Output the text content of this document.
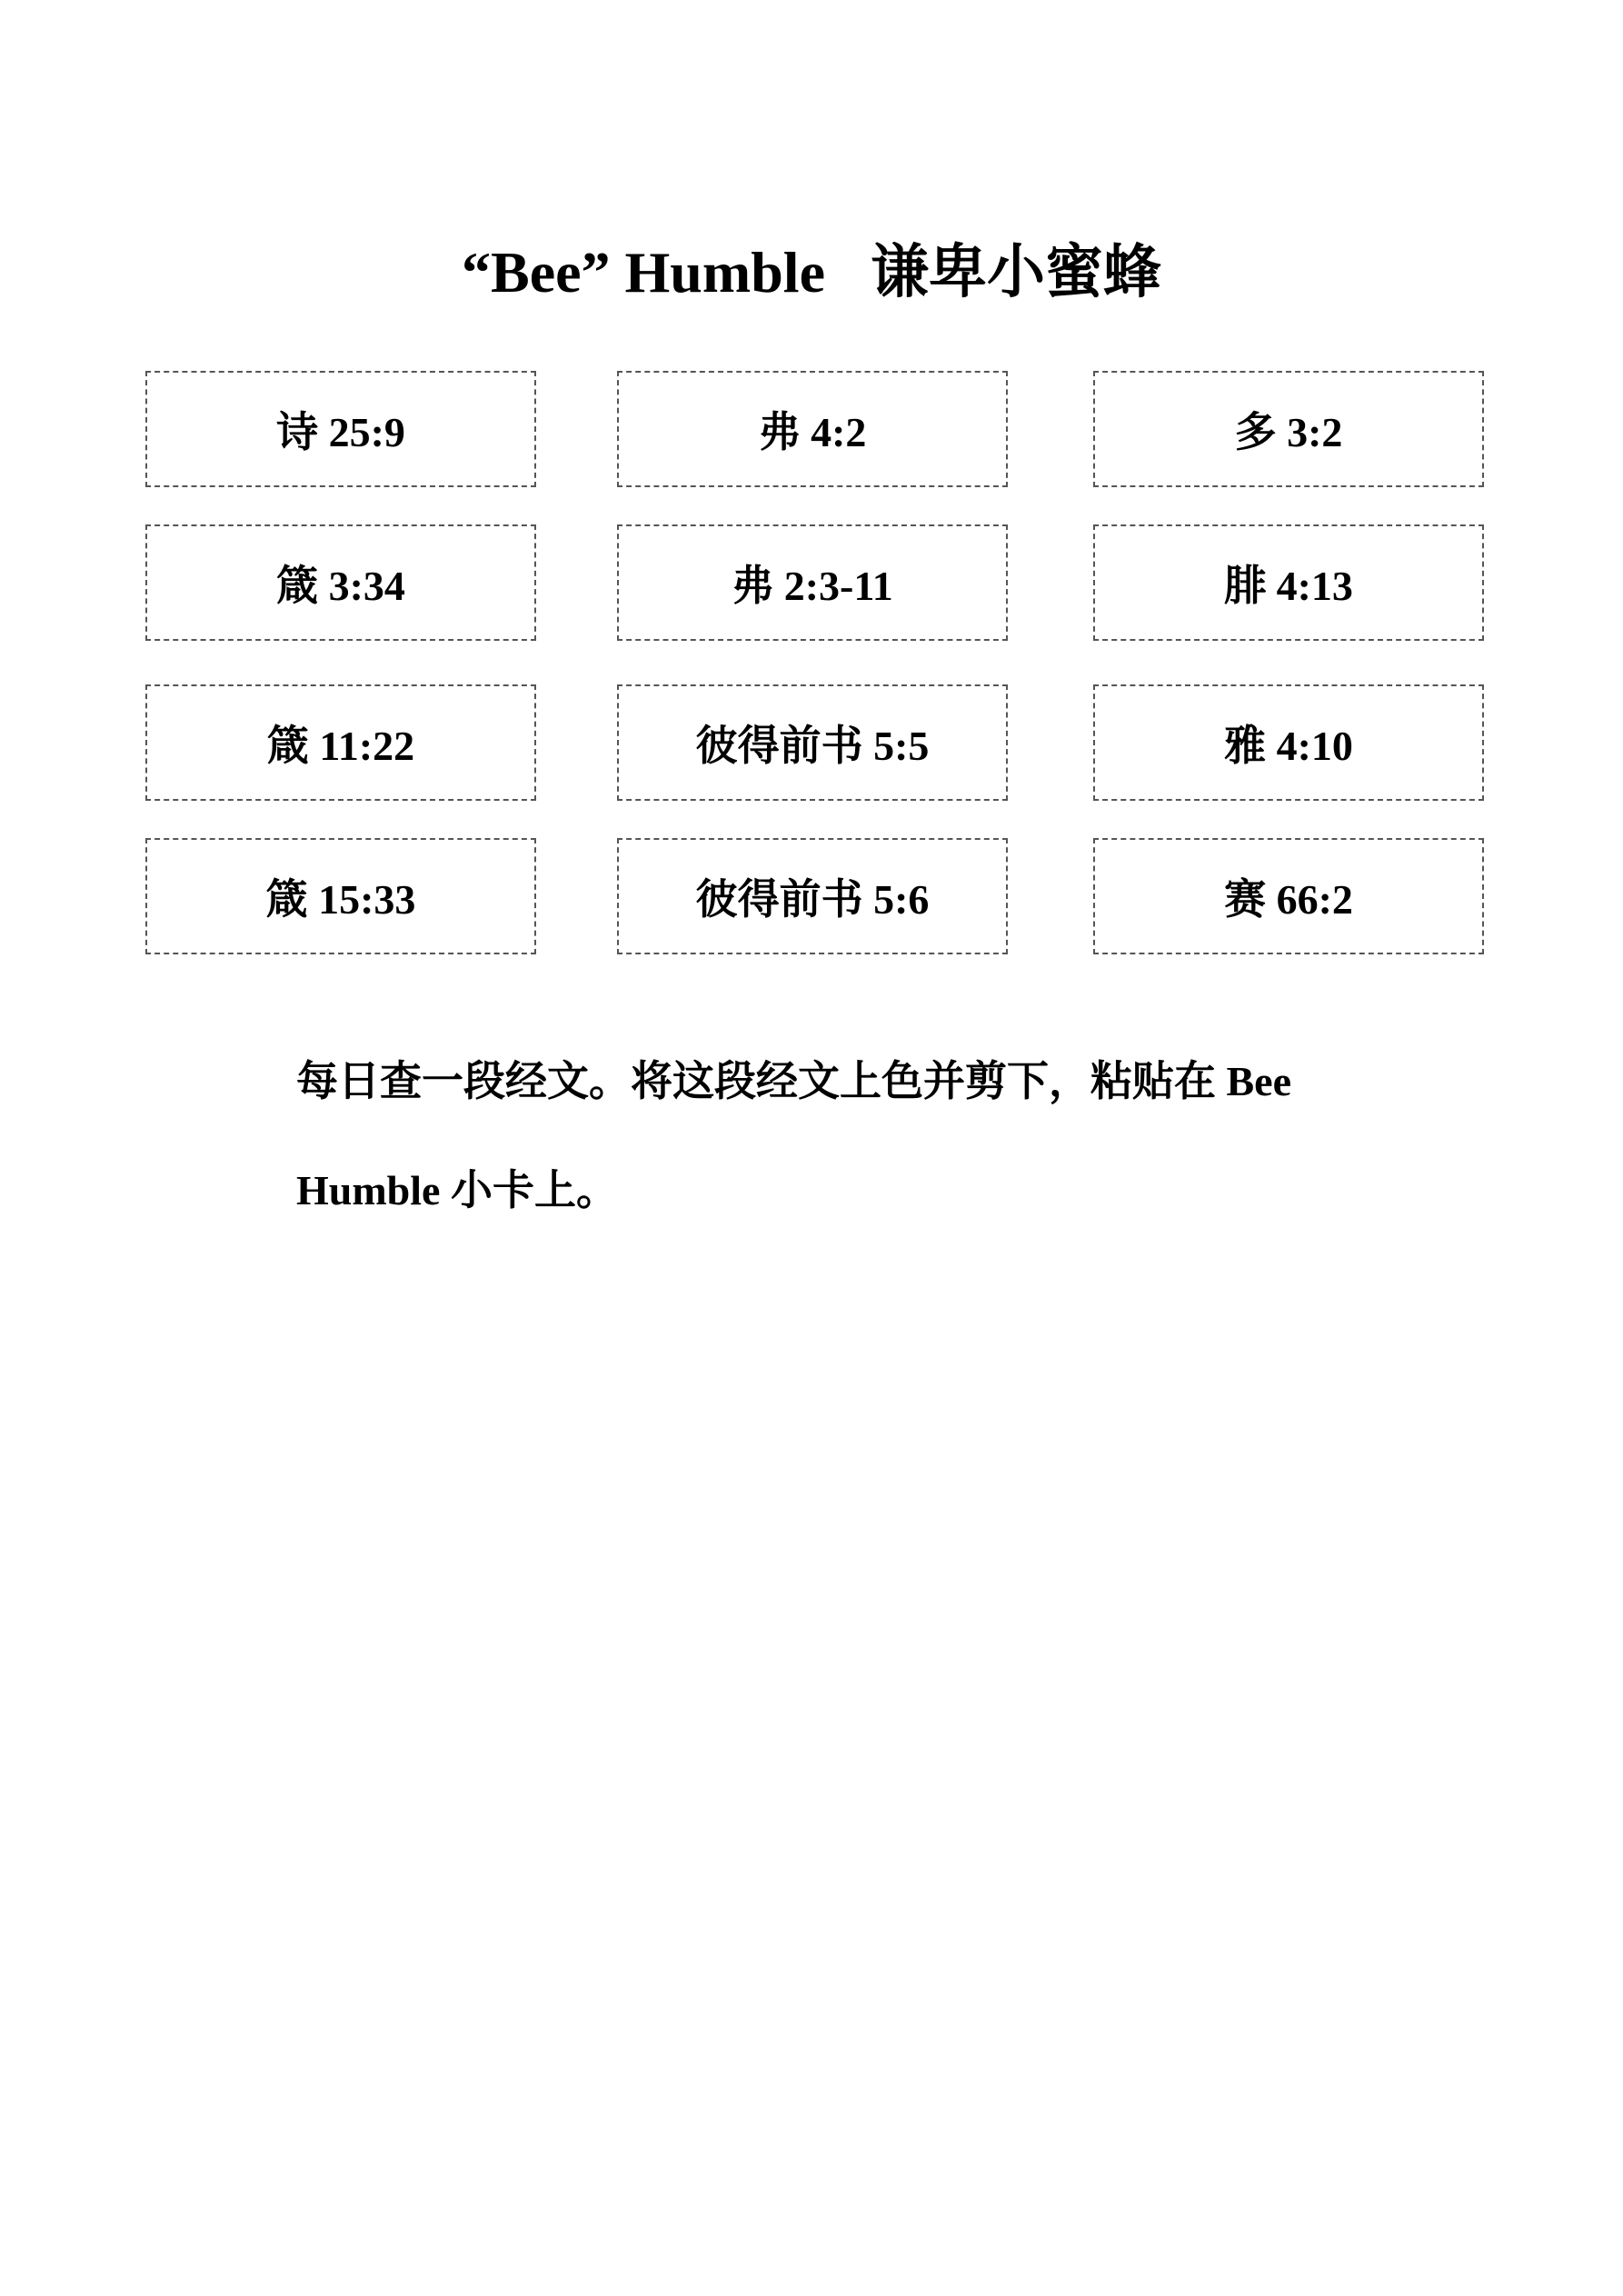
“Bee” Humble 谦卑小蜜蜂
诗 25:9	弗 4:2	多 3:2
箴 3:34	弗 2:3-11	腓 4:13
箴 11:22	彼得前书 5:5	雅 4:10
箴 15:33	彼得前书 5:6	赛 66:2
每日查一段经文。将这段经文上色并剪下，粘贴在 Bee
Humble 小卡上。
